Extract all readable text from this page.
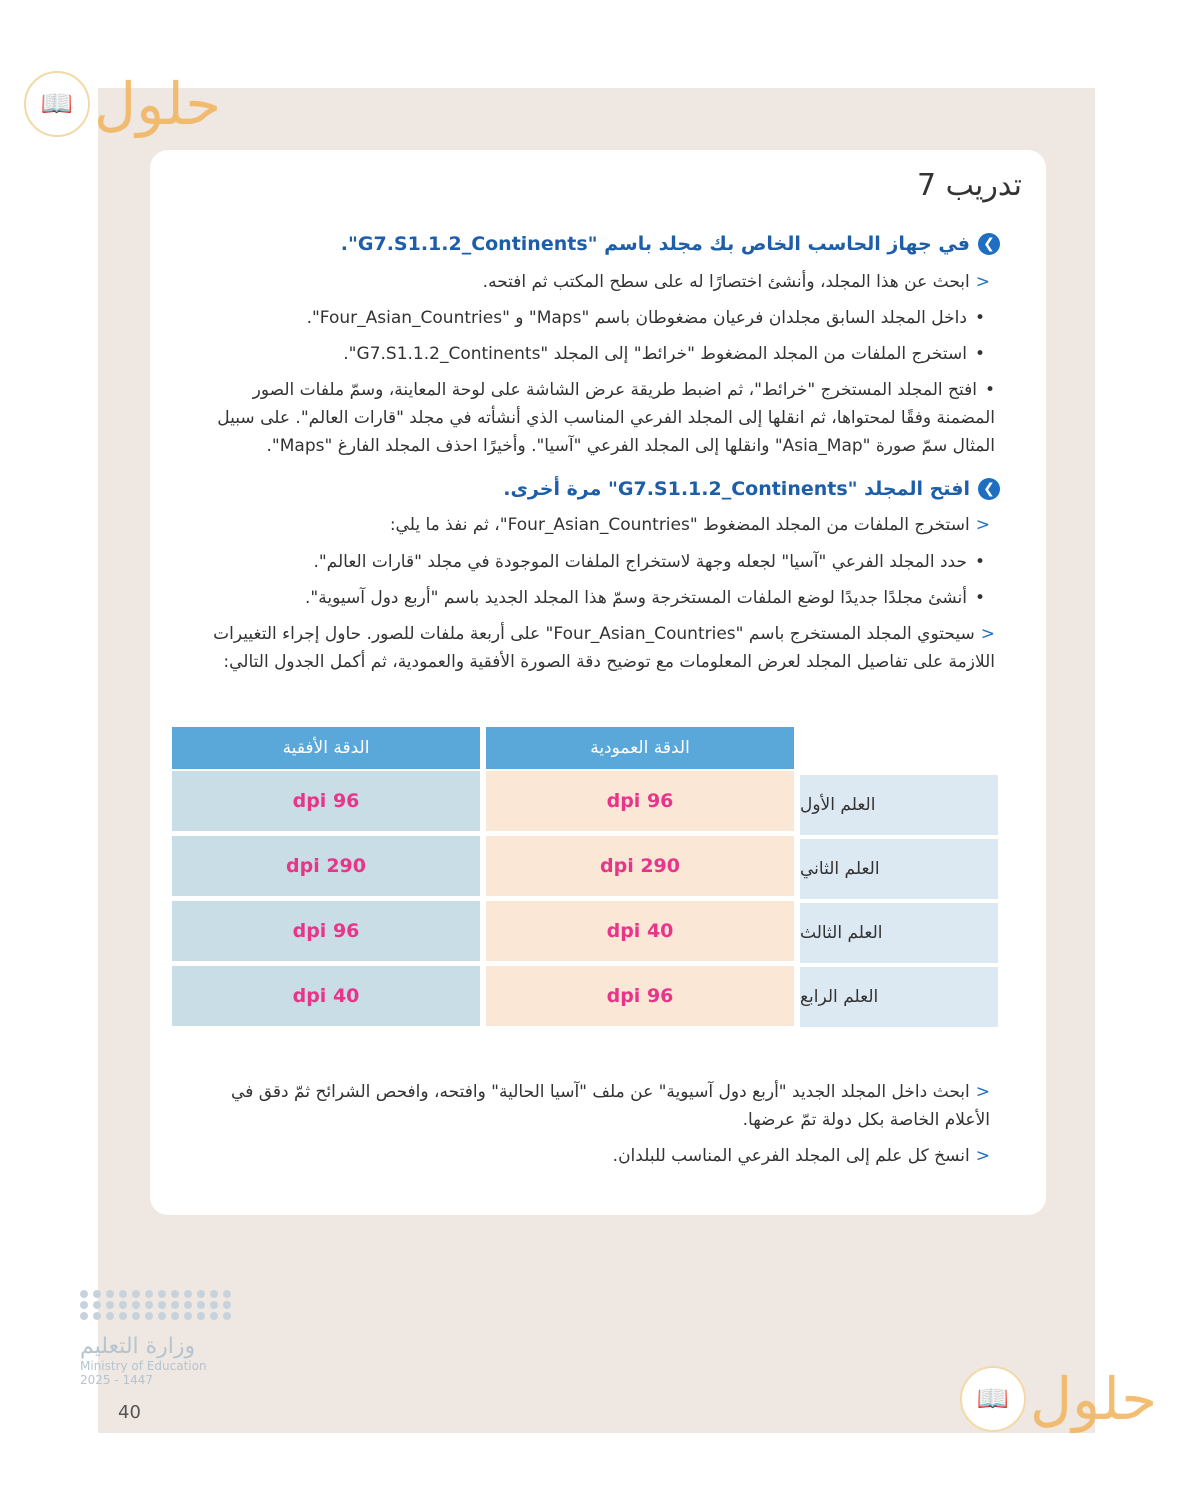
📖 حلول
📖 حلول
تدريب 7
❯
في جهاز الحاسب الخاص بك مجلد باسم "G7.S1.1.2_Continents".
<ابحث عن هذا المجلد، وأنشئ اختصارًا له على سطح المكتب ثم افتحه.
• داخل المجلد السابق مجلدان فرعيان مضغوطان باسم "Maps" و "Four_Asian_Countries".
• استخرج الملفات من المجلد المضغوط "خرائط" إلى المجلد "G7.S1.1.2_Continents".
• افتح المجلد المستخرج "خرائط"، ثم اضبط طريقة عرض الشاشة على لوحة المعاينة، وسمّ ملفات الصور المضمنة وفقًا لمحتواها، ثم انقلها إلى المجلد الفرعي المناسب الذي أنشأته في مجلد "قارات العالم". على سبيل المثال سمّ صورة "Asia_Map" وانقلها إلى المجلد الفرعي "آسيا". وأخيرًا احذف المجلد الفارغ "Maps".
❯
افتح المجلد "G7.S1.1.2_Continents" مرة أخرى.
<استخرج الملفات من المجلد المضغوط "Four_Asian_Countries"، ثم نفذ ما يلي:
• حدد المجلد الفرعي "آسيا" لجعله وجهة لاستخراج الملفات الموجودة في مجلد "قارات العالم".
• أنشئ مجلدًا جديدًا لوضع الملفات المستخرجة وسمّ هذا المجلد الجديد باسم "أربع دول آسيوية".
<سيحتوي المجلد المستخرج باسم "Four_Asian_Countries" على أربعة ملفات للصور. حاول إجراء التغييرات اللازمة على تفاصيل المجلد لعرض المعلومات مع توضيح دقة الصورة الأفقية والعمودية، ثم أكمل الجدول التالي:
الدقة الأفقية	الدقة العمودية
dpi 96	dpi 96	العلم الأول
dpi 290	dpi 290	العلم الثاني
dpi 96	dpi 40	العلم الثالث
dpi 40	dpi 96	العلم الرابع
<ابحث داخل المجلد الجديد "أربع دول آسيوية" عن ملف "آسيا الحالية" وافتحه، وافحص الشرائح ثمّ دقق في الأعلام الخاصة بكل دولة تمّ عرضها.
<انسخ كل علم إلى المجلد الفرعي المناسب للبلدان.
وزارة التعليم
Ministry of Education
2025 - 1447
40
